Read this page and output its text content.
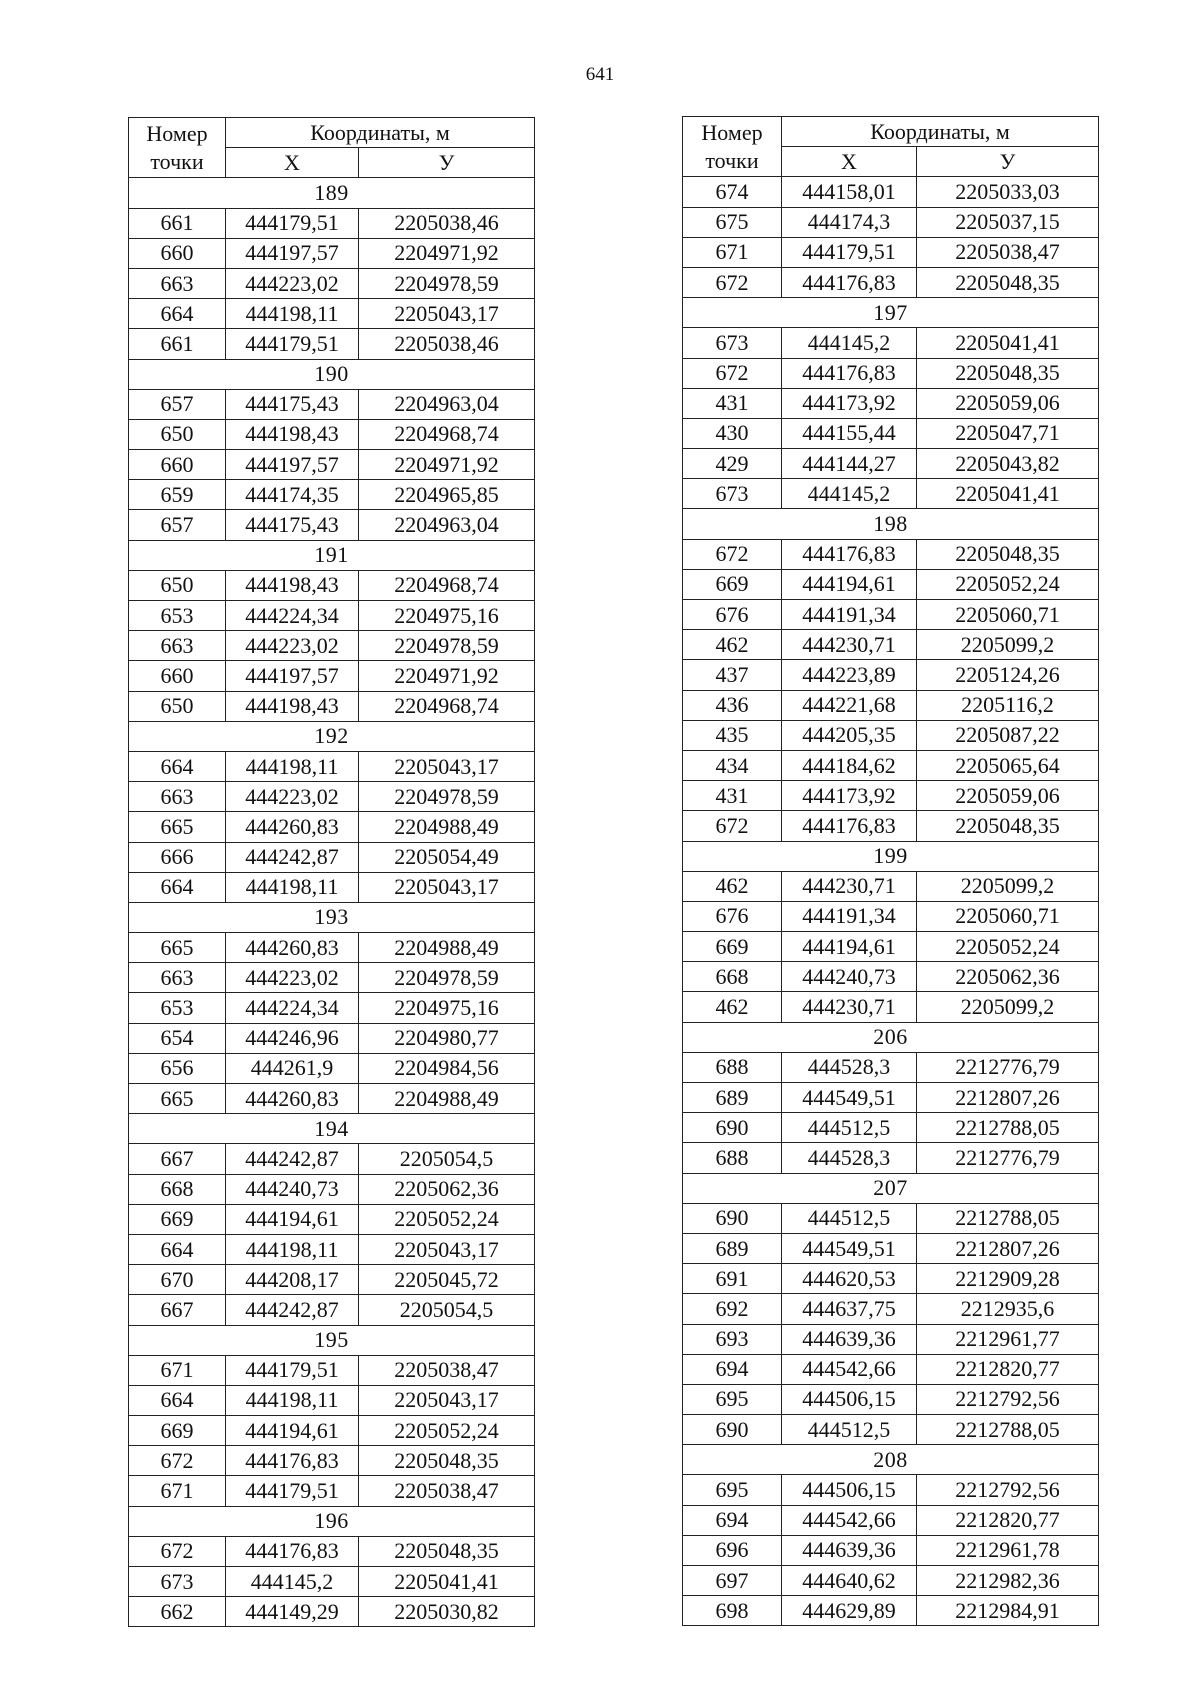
641
Номер
точки	Координаты, м	
	Х	У
189		
661	444179,51	2205038,46
660	444197,57	2204971,92
663	444223,02	2204978,59
664	444198,11	2205043,17
661	444179,51	2205038,46
190		
657	444175,43	2204963,04
650	444198,43	2204968,74
660	444197,57	2204971,92
659	444174,35	2204965,85
657	444175,43	2204963,04
191		
650	444198,43	2204968,74
653	444224,34	2204975,16
663	444223,02	2204978,59
660	444197,57	2204971,92
650	444198,43	2204968,74
192		
664	444198,11	2205043,17
663	444223,02	2204978,59
665	444260,83	2204988,49
666	444242,87	2205054,49
664	444198,11	2205043,17
193		
665	444260,83	2204988,49
663	444223,02	2204978,59
653	444224,34	2204975,16
654	444246,96	2204980,77
656	444261,9	2204984,56
665	444260,83	2204988,49
194		
667	444242,87	2205054,5
668	444240,73	2205062,36
669	444194,61	2205052,24
664	444198,11	2205043,17
670	444208,17	2205045,72
667	444242,87	2205054,5
195		
671	444179,51	2205038,47
664	444198,11	2205043,17
669	444194,61	2205052,24
672	444176,83	2205048,35
671	444179,51	2205038,47
196		
672	444176,83	2205048,35
673	444145,2	2205041,41
662	444149,29	2205030,82
Номер
точки	Координаты, м	
	Х	У
674	444158,01	2205033,03
675	444174,3	2205037,15
671	444179,51	2205038,47
672	444176,83	2205048,35
197		
673	444145,2	2205041,41
672	444176,83	2205048,35
431	444173,92	2205059,06
430	444155,44	2205047,71
429	444144,27	2205043,82
673	444145,2	2205041,41
198		
672	444176,83	2205048,35
669	444194,61	2205052,24
676	444191,34	2205060,71
462	444230,71	2205099,2
437	444223,89	2205124,26
436	444221,68	2205116,2
435	444205,35	2205087,22
434	444184,62	2205065,64
431	444173,92	2205059,06
672	444176,83	2205048,35
199		
462	444230,71	2205099,2
676	444191,34	2205060,71
669	444194,61	2205052,24
668	444240,73	2205062,36
462	444230,71	2205099,2
206		
688	444528,3	2212776,79
689	444549,51	2212807,26
690	444512,5	2212788,05
688	444528,3	2212776,79
207		
690	444512,5	2212788,05
689	444549,51	2212807,26
691	444620,53	2212909,28
692	444637,75	2212935,6
693	444639,36	2212961,77
694	444542,66	2212820,77
695	444506,15	2212792,56
690	444512,5	2212788,05
208		
695	444506,15	2212792,56
694	444542,66	2212820,77
696	444639,36	2212961,78
697	444640,62	2212982,36
698	444629,89	2212984,91
